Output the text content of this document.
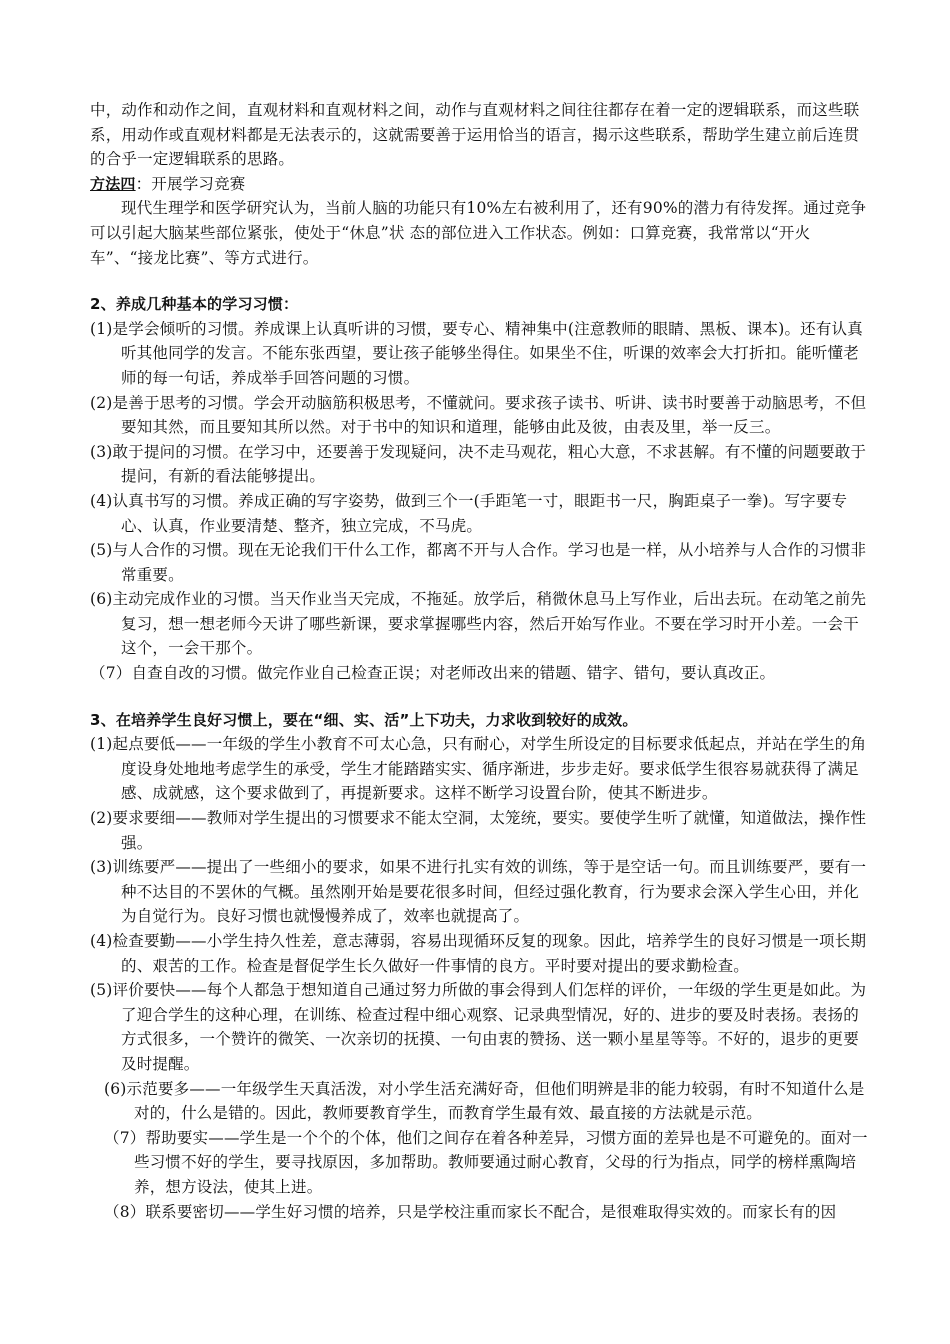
中，动作和动作之间，直观材料和直观材料之间，动作与直观材料之间往往都存在着一定的逻辑联系，而这些联系，用动作或直观材料都是无法表示的，这就需要善于运用恰当的语言，揭示这些联系，帮助学生建立前后连贯的合乎一定逻辑联系的思路。

方法四：开展学习竞赛

现代生理学和医学研究认为，当前人脑的功能只有10%左右被利用了，还有90%的潜力有待发挥。通过竞争可以引起大脑某些部位紧张，使处于“休息”状 态的部位进入工作状态。例如：口算竞赛，我常常以“开火车”、“接龙比赛”、等方式进行。

2、养成几种基本的学习习惯：

(1)是学会倾听的习惯。养成课上认真听讲的习惯，要专心、精神集中(注意教师的眼睛、黑板、课本)。还有认真听其他同学的发言。不能东张西望，要让孩子能够坐得住。如果坐不住，听课的效率会大打折扣。能听懂老师的每一句话，养成举手回答问题的习惯。

(2)是善于思考的习惯。学会开动脑筋积极思考，不懂就问。要求孩子读书、听讲、读书时要善于动脑思考，不但要知其然，而且要知其所以然。对于书中的知识和道理，能够由此及彼，由表及里，举一反三。

(3)敢于提问的习惯。在学习中，还要善于发现疑问，决不走马观花，粗心大意，不求甚解。有不懂的问题要敢于提问，有新的看法能够提出。

(4)认真书写的习惯。养成正确的写字姿势，做到三个一(手距笔一寸，眼距书一尺，胸距桌子一拳)。写字要专心、认真，作业要清楚、整齐，独立完成，不马虎。

(5)与人合作的习惯。现在无论我们干什么工作，都离不开与人合作。学习也是一样，从小培养与人合作的习惯非常重要。

(6)主动完成作业的习惯。当天作业当天完成，不拖延。放学后，稍微休息马上写作业，后出去玩。在动笔之前先复习，想一想老师今天讲了哪些新课，要求掌握哪些内容，然后开始写作业。不要在学习时开小差。一会干这个，一会干那个。

（7）自查自改的习惯。做完作业自己检查正误；对老师改出来的错题、错字、错句，要认真改正。

3、在培养学生良好习惯上，要在“细、实、活”上下功夫，力求收到较好的成效。

(1)起点要低——一年级的学生小教育不可太心急，只有耐心，对学生所设定的目标要求低起点，并站在学生的角度设身处地地考虑学生的承受，学生才能踏踏实实、循序渐进，步步走好。要求低学生很容易就获得了满足感、成就感，这个要求做到了，再提新要求。这样不断学习设置台阶，使其不断进步。

(2)要求要细——教师对学生提出的习惯要求不能太空洞，太笼统，要实。要使学生听了就懂，知道做法，操作性强。

(3)训练要严——提出了一些细小的要求，如果不进行扎实有效的训练，等于是空话一句。而且训练要严，要有一种不达目的不罢休的气概。虽然刚开始是要花很多时间，但经过强化教育，行为要求会深入学生心田，并化为自觉行为。良好习惯也就慢慢养成了，效率也就提高了。

(4)检查要勤——小学生持久性差，意志薄弱，容易出现循环反复的现象。因此，培养学生的良好习惯是一项长期的、艰苦的工作。检查是督促学生长久做好一件事情的良方。平时要对提出的要求勤检查。

(5)评价要快——每个人都急于想知道自己通过努力所做的事会得到人们怎样的评价，一年级的学生更是如此。为了迎合学生的这种心理，在训练、检查过程中细心观察、记录典型情况，好的、进步的要及时表扬。表扬的方式很多，一个赞许的微笑、一次亲切的抚摸、一句由衷的赞扬、送一颗小星星等等。不好的，退步的更要及时提醒。

(6)示范要多——一年级学生天真活泼，对小学生活充满好奇，但他们明辨是非的能力较弱，有时不知道什么是对的，什么是错的。因此，教师要教育学生，而教育学生最有效、最直接的方法就是示范。

（7）帮助要实——学生是一个个的个体，他们之间存在着各种差异，习惯方面的差异也是不可避免的。面对一些习惯不好的学生，要寻找原因，多加帮助。教师要通过耐心教育，父母的行为指点，同学的榜样熏陶培养，想方设法，使其上进。

（8）联系要密切——学生好习惯的培养，只是学校注重而家长不配合，是很难取得实效的。而家长有的因
